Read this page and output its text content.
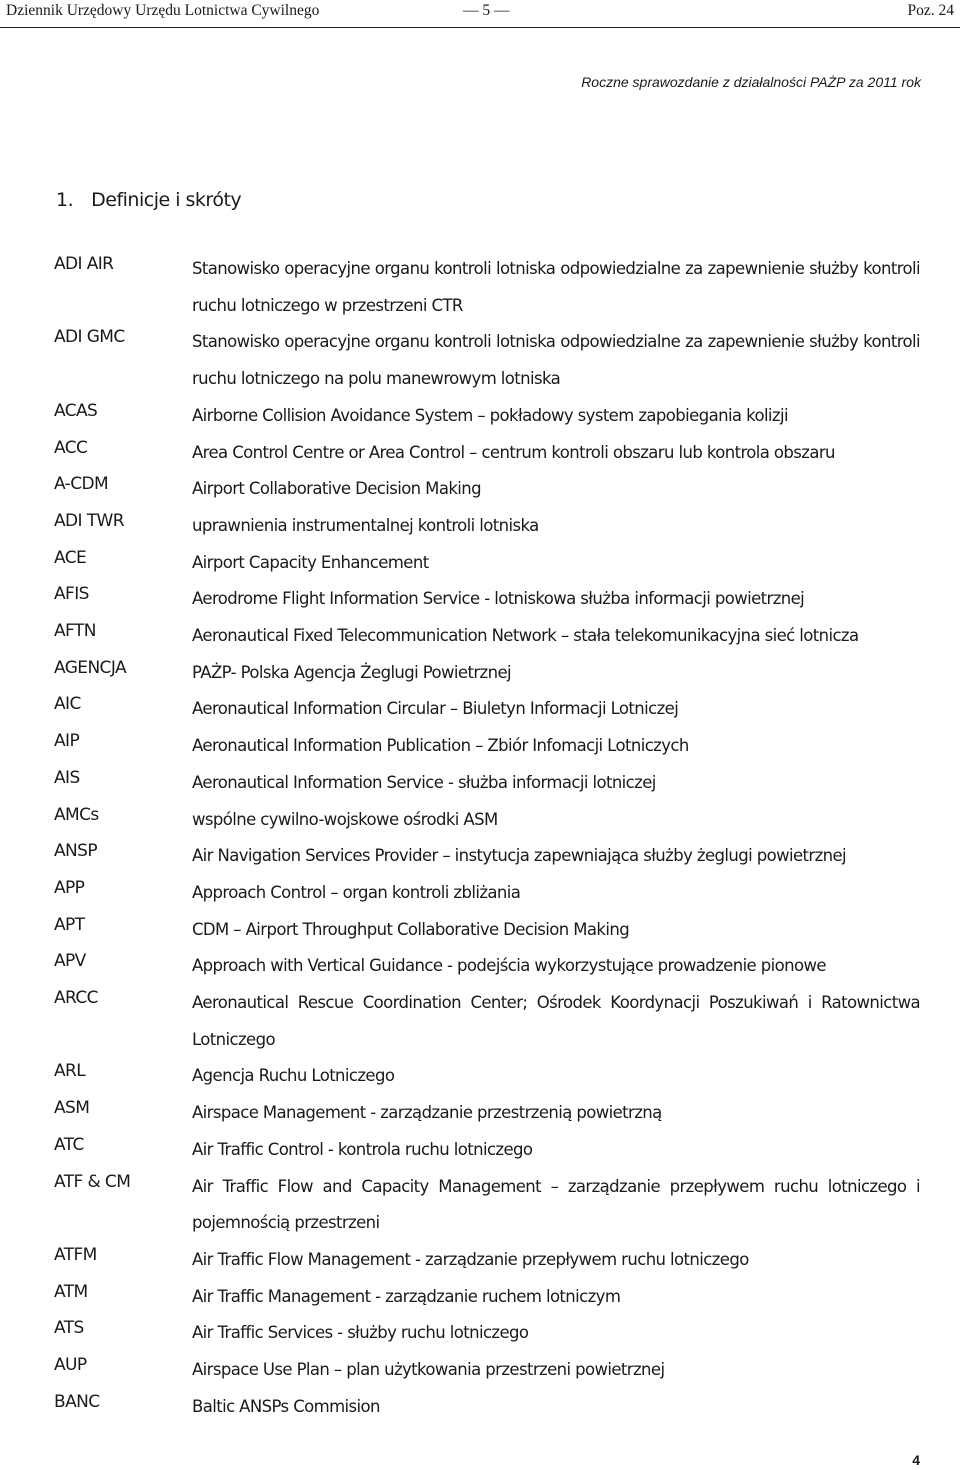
Dziennik Urzędowy Urzędu Lotnictwa Cywilnego	— 5 —	Poz. 24
Roczne sprawozdanie z działalności PAŻP za 2011 rok
1. Definicje i skróty
ADI AIR	Stanowisko operacyjne organu kontroli lotniska odpowiedzialne za zapewnienie służby kontroli ruchu lotniczego w przestrzeni CTR
ADI GMC	Stanowisko operacyjne organu kontroli lotniska odpowiedzialne za zapewnienie służby kontroli ruchu lotniczego na polu manewrowym lotniska
ACAS	Airborne Collision Avoidance System – pokładowy system zapobiegania kolizji
ACC	Area Control Centre or Area Control – centrum kontroli obszaru lub kontrola obszaru
A-CDM	Airport Collaborative Decision Making
ADI TWR	uprawnienia instrumentalnej kontroli lotniska
ACE	Airport Capacity Enhancement
AFIS	Aerodrome Flight Information Service - lotniskowa służba informacji powietrznej
AFTN	Aeronautical Fixed Telecommunication Network – stała telekomunikacyjna sieć lotnicza
AGENCJA	PAŻP- Polska Agencja Żeglugi Powietrznej
AIC	Aeronautical Information Circular – Biuletyn Informacji Lotniczej
AIP	Aeronautical Information Publication – Zbiór Infomacji Lotniczych
AIS	Aeronautical Information Service - służba informacji lotniczej
AMCs	wspólne cywilno-wojskowe ośrodki ASM
ANSP	Air Navigation Services Provider – instytucja zapewniająca służby żeglugi powietrznej
APP	Approach Control – organ kontroli zbliżania
APT	CDM – Airport Throughput Collaborative Decision Making
APV	Approach with Vertical Guidance - podejścia wykorzystujące prowadzenie pionowe
ARCC	Aeronautical Rescue Coordination Center; Ośrodek Koordynacji Poszukiwań i Ratownictwa Lotniczego
ARL	Agencja Ruchu Lotniczego
ASM	Airspace Management - zarządzanie przestrzenią powietrzną
ATC	Air Traffic Control - kontrola ruchu lotniczego
ATF & CM	Air Traffic Flow and Capacity Management – zarządzanie przepływem ruchu lotniczego i pojemnością przestrzeni
ATFM	Air Traffic Flow Management - zarządzanie przepływem ruchu lotniczego
ATM	Air Traffic Management - zarządzanie ruchem lotniczym
ATS	Air Traffic Services - służby ruchu lotniczego
AUP	Airspace Use Plan – plan użytkowania przestrzeni powietrznej
BANC	Baltic ANSPs Commision
4
